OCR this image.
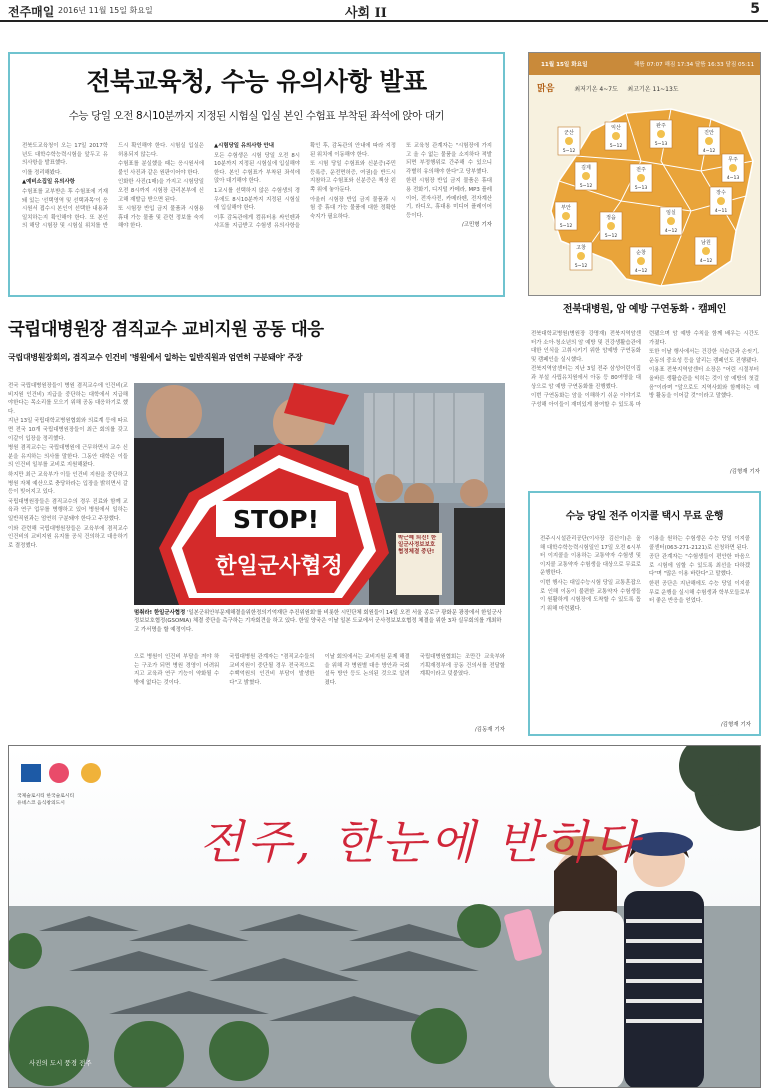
전주매일 2016년 11월 15일 화요일	사회 II	5
전북교육청, 수능 유의사항 발표
수능 당일 오전 8시10분까지 지정된 시험실 입실 본인 수험표 부착된 좌석에 앉아 대기

전북도교육청이 오는 17일 2017학년도 대학수학능력시험을 앞두고 유의사항을 발표했다.

이를 정리해봤다.

▲예비소집일 유의사항

수험표를 교부받은 후 수험표에 기재돼 있는 '선택영역 및 선택과목'이 응시원서 접수시 본인이 선택한 내용과 일치하는지 확인해야 한다. 또 본인의 해당 시험장 및 시험실 위치를 반드시 확인해야 한다. 시험실 입실은 허용되지 않는다.

수험표를 분실했을 때는 응시원서에 붙인 사진과 같은 원판이어야 한다.

인화한 사진(1매)을 가지고 시험당일 오전 8시까지 시험장 관리본부에 신고해 재발급 받으면 된다.

또 시험장 반입 금지 물품과 시험용 휴대 가능 물품 및 관련 정보를 숙지해야 한다.

▲시험당일 유의사항 안내

모든 수험생은 시험 당일 오전 8시10분까지 지정된 시험실에 입실해야 한다. 본인 수험표가 부착된 좌석에 앉아 대기해야 한다.

1교시를 선택하지 않은 수험생의 경우에도 8시10분까지 지정된 시험실에 입실해야 한다.

이후 감독관에게 컴퓨터용 싸인펜과 샤프를 지급받고 수험생 유의사항을 확인 후, 감독관의 안내에 따라 지정된 위치에 이동해야 한다.

또 시험 당일 수험표와 신분증(주민등록증, 운전면허증, 여권)을 반드시 지참하고 수험표와 신분증은 책상 왼쪽 위에 놓아둔다.

아울러 시험장 반입 금지 물품과 시험 중 휴대 가능 물품에 대한 정확한 숙지가 필요하다.

또 교육청 관계자는 "시험장에 가지고 올 수 없는 물품을 소지하다 적발되면 부정행위로 간주해 수 있으니 각별히 유의해야 한다"고 당부했다.

한편 시험장 반입 금지 물품은 휴대용 전화기, 디지털 카메라, MP3 플레이어, 전자사전, 카메라펜, 전자계산기, 라디오, 휴대용 미디어 플레이어 등이다.

/고민형 기자

11월 15일 화요일	해뜸 07:07 해짐 17:34 달뜸 16:33 달짐 05:11
맑음	최저기온 4~7도 최고기온 11~13도
군산
5~12
익산
5~12
완주
5~13
진안
4~12
무주
4~13
김제
5~12
전주
5~13
장수
4~11
부안
5~12
정읍
5~12
임실
4~12
남원
4~12
고창
5~12
순창
4~12
국립대병원장 겸직교수 교비지원 공동 대응
국립대병원장회의, 겸직교수 인건비 '병원에서 일하는 일반직원과 엄연히 구분돼야' 주장

전국 국립대병원장들이 병원 겸직교수에 인건비(교비지원 인건비) 지급을 중단하는 대학에서 지급해야한다는 목소리를 모으기 위해 공동 대응하기로 했다.

지난 13일 국립대학교병원협회와 의료계 등에 따르면 전국 10개 국립대병원장들이 최근 회의를 갖고 이같이 입장을 정리했다.

병원 겸직교수는 국립대병원에 근무하면서 교수 신분을 유지하는 의사를 말한다. 그동안 대학은 이들의 인건비 일부를 교비로 지원해왔다.

하지만 최근 교육부가 이들 인건비 지원을 중단하고 병원 자체 예산으로 충당하라는 입장을 밝히면서 갈등이 빚어지고 있다.

국립대병원장들은 겸직교수의 경우 진료와 함께 교육과 연구 업무를 병행하고 있어 병원에서 일하는 일반직원과는 엄연히 구분돼야 한다고 주장했다.

이와 관련해 국립대병원장들은 교육부에 겸직교수 인건비의 교비지원 유지를 공식 건의하고 대응하기로 결정했다.

STOP!
한일군사협정
박근혜 퇴진! 한일군사정보보호협정체결 중단!
멈춰라! 한일군사협정 '일본군위안부문제해결을위한정의기억재단 추진위원회'를 비롯한 시민단체 회원들이 14일 오전 서울 종로구 광화문 광장에서 한일군사정보보호협정(GSOMIA) 체결 중단을 촉구하는 기자회견을 하고 있다. 한일 양국은 이날 일본 도쿄에서 군사정보보호협정 체결을 위한 3차 실무회의를 개최하고 가서명을 할 예정이다.

으로 병원이 인건비 부담을 져야 하는 구조가 되면 병원 경영이 어려워지고 교육과 연구 기능이 약화될 수밖에 없다는 것이다.

국립대병원 관계자는 "겸직교수들의 교비지원이 중단될 경우 전국적으로 수백억원의 인건비 부담이 발생한다"고 밝혔다.

이날 회의에서는 교비지원 문제 해결을 위해 각 병원별 대응 방안과 국회 설득 방안 등도 논의된 것으로 알려졌다.

국립대병원협회는 조만간 교육부와 기획재정부에 공동 건의서를 전달할 계획이라고 덧붙였다.

/김동재 기자
전북대병원, 암 예방 구연동화 · 캠페인

전북대학교병원(병원장 강명재) 전북지역암센터가 소아·청소년의 암 예방 및 건강생활습관에 대한 인식을 고취시키기 위한 암예방 구연동화 및 캠페인을 실시했다.

전북지역암센터는 지난 3일 전주 삼성어린이집과 부설 사립유치원에서 아동 등 80여명을 대상으로 암 예방 구연동화를 진행했다.

이번 구연동화는 암을 이해하기 쉬운 이야기로 구성해 아이들이 재미있게 참여할 수 있도록 마련됐으며 암 예방 수칙을 함께 배우는 시간도 가졌다.

또한 이날 행사에서는 건강한 식습관과 손씻기, 운동의 중요성 등을 알리는 캠페인도 진행됐다.

이용표 전북지역암센터 소장은 "어린 시절부터 올바른 생활습관을 익히는 것이 암 예방의 첫걸음"이라며 "앞으로도 지역사회와 함께하는 예방 활동을 이어갈 것"이라고 말했다.

/김형재 기자
수능 당일 전주 이지콜 택시 무료 운행

전주시시설관리공단(이사장 김신이)은 올해 대학수학능력시험일인 17일 오전 6시부터 이지콜을 이용하는 교통약자 수험생 및 이지콜 교통약자 수험생을 대상으로 무료로 운행한다.

이번 행사는 대입수능시험 당일 교통혼잡으로 인해 이동이 불편한 교통약자 수험생들이 원활하게 시험장에 도착할 수 있도록 돕기 위해 마련됐다.

이용을 원하는 수험생은 수능 당일 이지콜 콜센터(063-271-2121)로 신청하면 된다.

공단 관계자는 "수험생들이 편안한 마음으로 시험에 임할 수 있도록 최선을 다하겠다"며 "많은 이용 바란다"고 말했다.

한편 공단은 지난해에도 수능 당일 이지콜 무료 운행을 실시해 수험생과 학부모들로부터 좋은 반응을 얻었다.

/김형재 기자
국제슬로시티 한국슬로시티
유네스코 음식창의도시
전주, 한눈에 반하다
사진의 도시 풍경 전주
